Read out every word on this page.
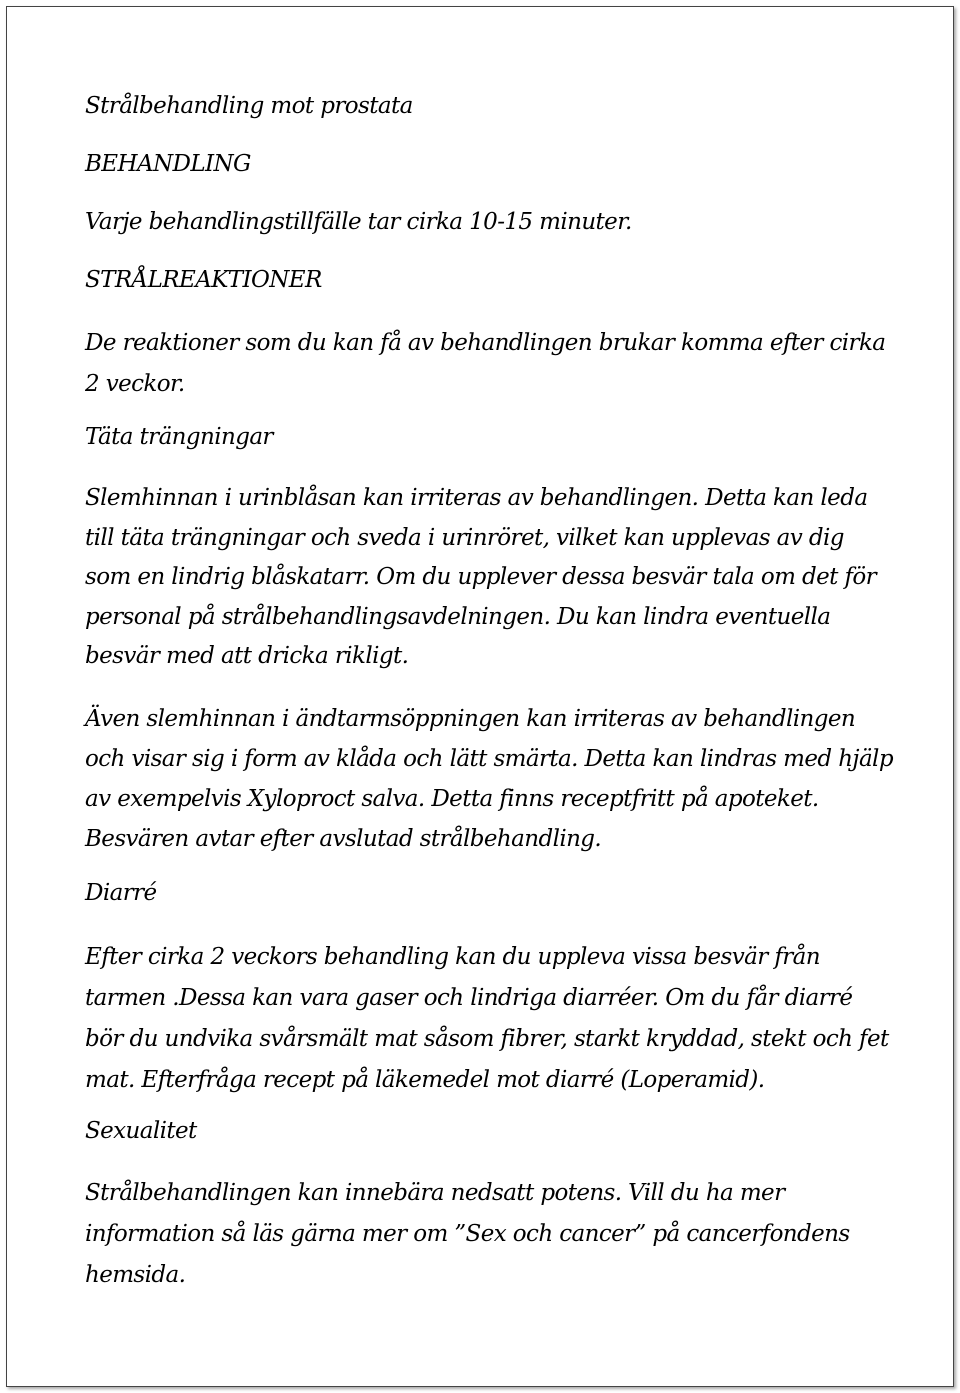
Strålbehandling mot prostata

BEHANDLING

Varje behandlingstillfälle tar cirka 10-15 minuter.

STRÅLREAKTIONER

De reaktioner som du kan få av behandlingen brukar komma efter cirka 2 veckor.

Täta trängningar

Slemhinnan i urinblåsan kan irriteras av behandlingen. Detta kan leda till täta trängningar och sveda i urinröret, vilket kan upplevas av dig som en lindrig blåskatarr. Om du upplever dessa besvär tala om det för personal på strålbehandlingsavdelningen. Du kan lindra eventuella besvär med att dricka rikligt.

Även slemhinnan i ändtarmsöppningen kan irriteras av behandlingen och visar sig i form av klåda och lätt smärta. Detta kan lindras med hjälp av exempelvis Xyloproct salva. Detta finns receptfritt på apoteket. Besvären avtar efter avslutad strålbehandling.

Diarré

Efter cirka 2 veckors behandling kan du uppleva vissa besvär från tarmen .Dessa kan vara gaser och lindriga diarréer. Om du får diarré bör du undvika svårsmält mat såsom fibrer, starkt kryddad, stekt och fet mat. Efterfråga recept på läkemedel mot diarré (Loperamid).

Sexualitet

Strålbehandlingen kan innebära nedsatt potens. Vill du ha mer information så läs gärna mer om ”Sex och cancer” på cancerfondens hemsida.
